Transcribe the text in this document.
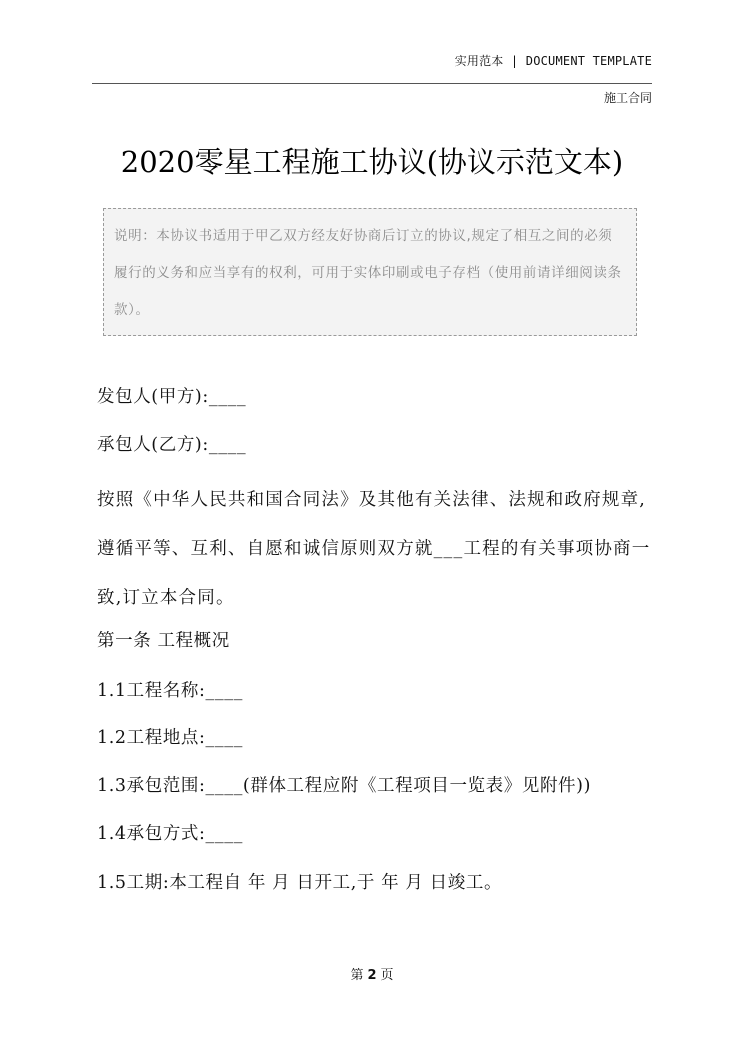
实用范本 | DOCUMENT TEMPLATE
施工合同
2020零星工程施工协议(协议示范文本)

说明：本协议书适用于甲乙双方经友好协商后订立的协议,规定了相互之间的必须履行的义务和应当享有的权利，可用于实体印刷或电子存档（使用前请详细阅读条款）。

发包人(甲方):____
承包人(乙方):____

按照《中华人民共和国合同法》及其他有关法律、法规和政府规章,遵循平等、互利、自愿和诚信原则双方就___工程的有关事项协商一致,订立本合同。

第一条 工程概况
1.1工程名称:____
1.2工程地点:____
1.3承包范围:____(群体工程应附《工程项目一览表》见附件))
1.4承包方式:____
1.5工期:本工程自 年 月 日开工,于 年 月 日竣工。
第 2 页
